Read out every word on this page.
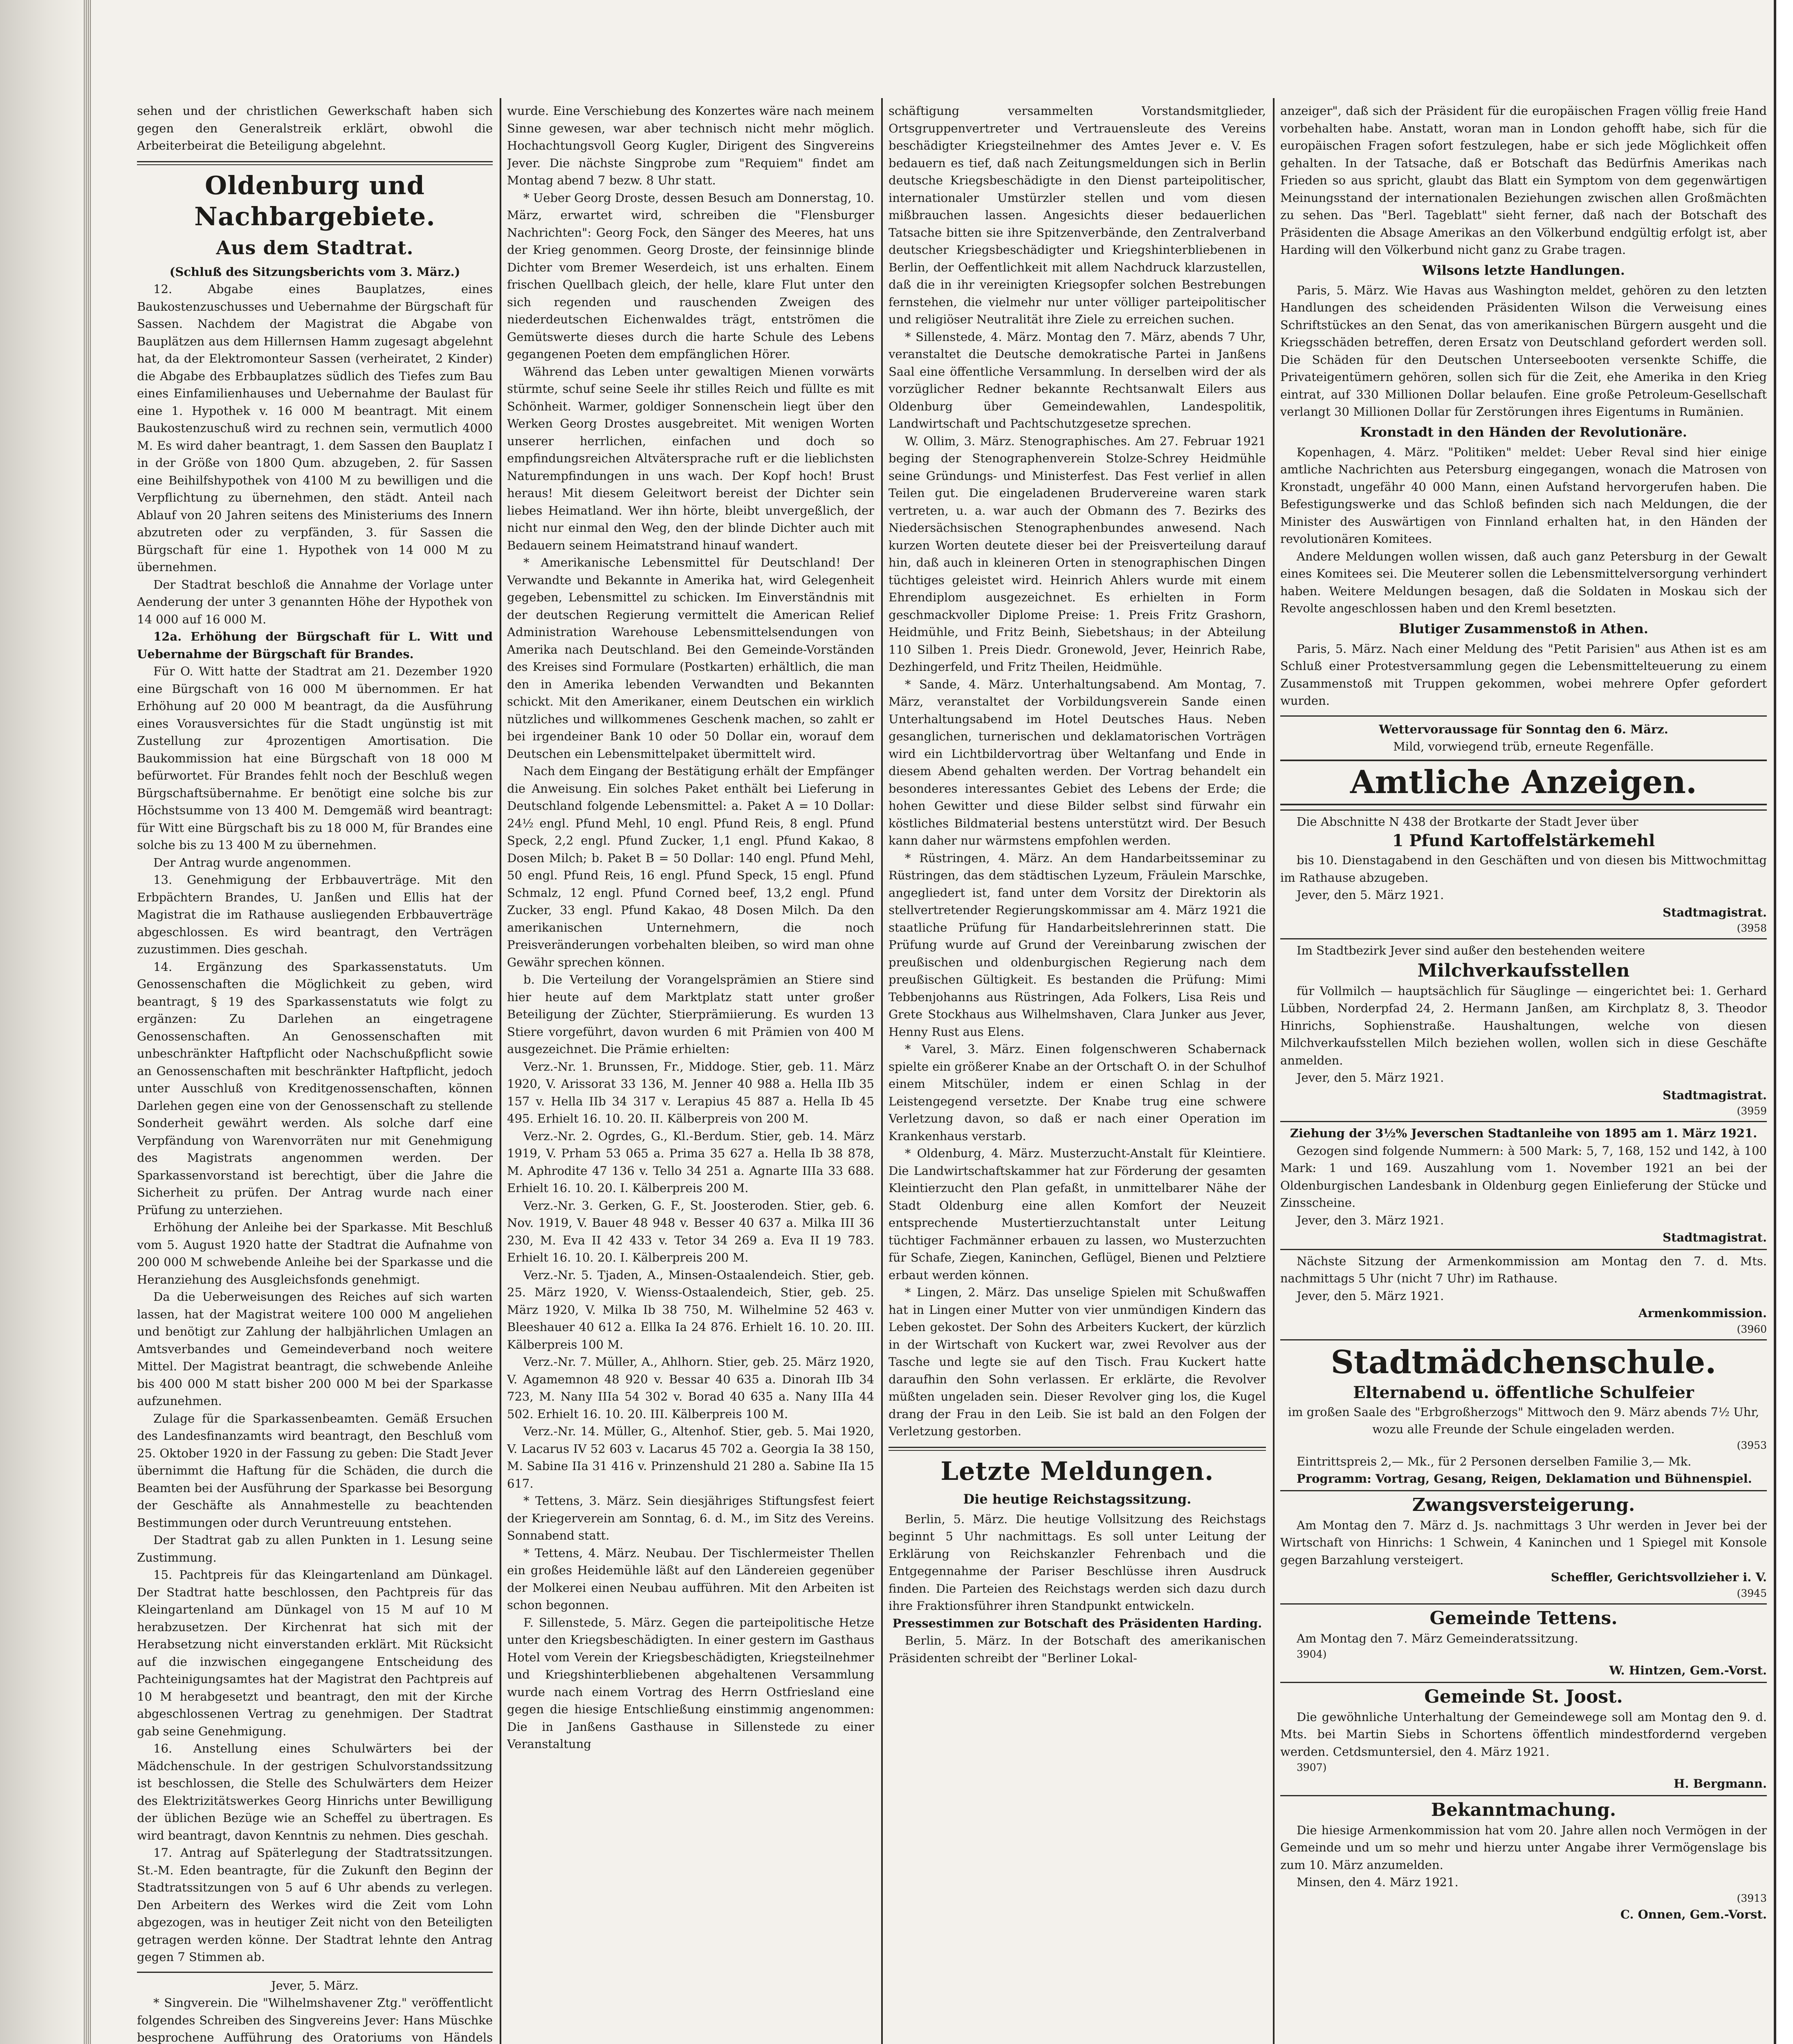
sehen und der christlichen Gewerkschaft haben sich gegen den Generalstreik erklärt, obwohl die Arbeiterbeirat die Beteiligung abgelehnt.

Oldenburg und Nachbargebiete.
Aus dem Stadtrat.

(Schluß des Sitzungsberichts vom 3. März.)

12. Abgabe eines Bauplatzes, eines Baukostenzuschusses und Uebernahme der Bürgschaft für Sassen. Nachdem der Magistrat die Abgabe von Bauplätzen aus dem Hillernsen Hamm zugesagt abgelehnt hat, da der Elektromonteur Sassen (verheiratet, 2 Kinder) die Abgabe des Erbbauplatzes südlich des Tiefes zum Bau eines Einfamilienhauses und Uebernahme der Baulast für eine 1. Hypothek v. 16 000 M beantragt. Mit einem Baukostenzuschuß wird zu rechnen sein, vermutlich 4000 M. Es wird daher beantragt, 1. dem Sassen den Bauplatz I in der Größe von 1800 Qum. abzugeben, 2. für Sassen eine Beihilfshypothek von 4100 M zu bewilligen und die Verpflichtung zu übernehmen, den städt. Anteil nach Ablauf von 20 Jahren seitens des Ministeriums des Innern abzutreten oder zu verpfänden, 3. für Sassen die Bürgschaft für eine 1. Hypothek von 14 000 M zu übernehmen.

Der Stadtrat beschloß die Annahme der Vorlage unter Aenderung der unter 3 genannten Höhe der Hypothek von 14 000 auf 16 000 M.

12a. Erhöhung der Bürgschaft für L. Witt und Uebernahme der Bürgschaft für Brandes.

Für O. Witt hatte der Stadtrat am 21. Dezember 1920 eine Bürgschaft von 16 000 M übernommen. Er hat Erhöhung auf 20 000 M beantragt, da die Ausführung eines Vorausversichtes für die Stadt ungünstig ist mit Zustellung zur 4prozentigen Amortisation. Die Baukommission hat eine Bürgschaft von 18 000 M befürwortet. Für Brandes fehlt noch der Beschluß wegen Bürgschaftsübernahme. Er benötigt eine solche bis zur Höchstsumme von 13 400 M. Demgemäß wird beantragt: für Witt eine Bürgschaft bis zu 18 000 M, für Brandes eine solche bis zu 13 400 M zu übernehmen.

Der Antrag wurde angenommen.

13. Genehmigung der Erbbauverträge. Mit den Erbpächtern Brandes, U. Janßen und Ellis hat der Magistrat die im Rathause ausliegenden Erbbauverträge abgeschlossen. Es wird beantragt, den Verträgen zuzustimmen. Dies geschah.

14. Ergänzung des Sparkassenstatuts. Um Genossenschaften die Möglichkeit zu geben, wird beantragt, § 19 des Sparkassenstatuts wie folgt zu ergänzen: Zu Darlehen an eingetragene Genossenschaften. An Genossenschaften mit unbeschränkter Haftpflicht oder Nachschußpflicht sowie an Genossenschaften mit beschränkter Haftpflicht, jedoch unter Ausschluß von Kreditgenossenschaften, können Darlehen gegen eine von der Genossenschaft zu stellende Sonderheit gewährt werden. Als solche darf eine Verpfändung von Warenvorräten nur mit Genehmigung des Magistrats angenommen werden. Der Sparkassenvorstand ist berechtigt, über die Jahre die Sicherheit zu prüfen. Der Antrag wurde nach einer Prüfung zu unterziehen.

Erhöhung der Anleihe bei der Sparkasse. Mit Beschluß vom 5. August 1920 hatte der Stadtrat die Aufnahme von 200 000 M schwebende Anleihe bei der Sparkasse und die Heranziehung des Ausgleichsfonds genehmigt.

Da die Ueberweisungen des Reiches auf sich warten lassen, hat der Magistrat weitere 100 000 M angeliehen und benötigt zur Zahlung der halbjährlichen Umlagen an Amtsverbandes und Gemeindeverband noch weitere Mittel. Der Magistrat beantragt, die schwebende Anleihe bis 400 000 M statt bisher 200 000 M bei der Sparkasse aufzunehmen.

Zulage für die Sparkassenbeamten. Gemäß Ersuchen des Landesfinanzamts wird beantragt, den Beschluß vom 25. Oktober 1920 in der Fassung zu geben: Die Stadt Jever übernimmt die Haftung für die Schäden, die durch die Beamten bei der Ausführung der Sparkasse bei Besorgung der Geschäfte als Annahmestelle zu beachtenden Bestimmungen oder durch Veruntreuung entstehen.

Der Stadtrat gab zu allen Punkten in 1. Lesung seine Zustimmung.

15. Pachtpreis für das Kleingartenland am Dünkagel. Der Stadtrat hatte beschlossen, den Pachtpreis für das Kleingartenland am Dünkagel von 15 M auf 10 M herabzusetzen. Der Kirchenrat hat sich mit der Herabsetzung nicht einverstanden erklärt. Mit Rücksicht auf die inzwischen eingegangene Entscheidung des Pachteinigungsamtes hat der Magistrat den Pachtpreis auf 10 M herabgesetzt und beantragt, den mit der Kirche abgeschlossenen Vertrag zu genehmigen. Der Stadtrat gab seine Genehmigung.

16. Anstellung eines Schulwärters bei der Mädchenschule. In der gestrigen Schulvorstandssitzung ist beschlossen, die Stelle des Schulwärters dem Heizer des Elektrizitätswerkes Georg Hinrichs unter Bewilligung der üblichen Bezüge wie an Scheffel zu übertragen. Es wird beantragt, davon Kenntnis zu nehmen. Dies geschah.

17. Antrag auf Späterlegung der Stadtratssitzungen. St.-M. Eden beantragte, für die Zukunft den Beginn der Stadtratssitzungen von 5 auf 6 Uhr abends zu verlegen. Den Arbeitern des Werkes wird die Zeit vom Lohn abgezogen, was in heutiger Zeit nicht von den Beteiligten getragen werden könne. Der Stadtrat lehnte den Antrag gegen 7 Stimmen ab.

Jever, 5. März.

* Singverein. Die "Wilhelmshavener Ztg." veröffentlicht folgendes Schreiben des Singvereins Jever: Hans Müschke besprochene Aufführung des Oratoriums von Händels

wurde. Eine Verschiebung des Konzertes wäre nach meinem Sinne gewesen, war aber technisch nicht mehr möglich. Hochachtungsvoll Georg Kugler, Dirigent des Singvereins Jever. Die nächste Singprobe zum "Requiem" findet am Montag abend 7 bezw. 8 Uhr statt.

* Ueber Georg Droste, dessen Besuch am Donnerstag, 10. März, erwartet wird, schreiben die "Flensburger Nachrichten": Georg Fock, den Sänger des Meeres, hat uns der Krieg genommen. Georg Droste, der feinsinnige blinde Dichter vom Bremer Weserdeich, ist uns erhalten. Einem frischen Quellbach gleich, der helle, klare Flut unter den sich regenden und rauschenden Zweigen des niederdeutschen Eichenwaldes trägt, entströmen die Gemütswerte dieses durch die harte Schule des Lebens gegangenen Poeten dem empfänglichen Hörer.

Während das Leben unter gewaltigen Mienen vorwärts stürmte, schuf seine Seele ihr stilles Reich und füllte es mit Schönheit. Warmer, goldiger Sonnenschein liegt über den Werken Georg Drostes ausgebreitet. Mit wenigen Worten unserer herrlichen, einfachen und doch so empfindungsreichen Altvätersprache ruft er die lieblichsten Naturempfindungen in uns wach. Der Kopf hoch! Brust heraus! Mit diesem Geleitwort bereist der Dichter sein liebes Heimatland. Wer ihn hörte, bleibt unvergeßlich, der nicht nur einmal den Weg, den der blinde Dichter auch mit Bedauern seinem Heimatstrand hinauf wandert.

* Amerikanische Lebensmittel für Deutschland! Der Verwandte und Bekannte in Amerika hat, wird Gelegenheit gegeben, Lebensmittel zu schicken. Im Einverständnis mit der deutschen Regierung vermittelt die American Relief Administration Warehouse Lebensmittelsendungen von Amerika nach Deutschland. Bei den Gemeinde-Vorständen des Kreises sind Formulare (Postkarten) erhältlich, die man den in Amerika lebenden Verwandten und Bekannten schickt. Mit den Amerikaner, einem Deutschen ein wirklich nützliches und willkommenes Geschenk machen, so zahlt er bei irgendeiner Bank 10 oder 50 Dollar ein, worauf dem Deutschen ein Lebensmittelpaket übermittelt wird.

Nach dem Eingang der Bestätigung erhält der Empfänger die Anweisung. Ein solches Paket enthält bei Lieferung in Deutschland folgende Lebensmittel: a. Paket A = 10 Dollar: 24½ engl. Pfund Mehl, 10 engl. Pfund Reis, 8 engl. Pfund Speck, 2,2 engl. Pfund Zucker, 1,1 engl. Pfund Kakao, 8 Dosen Milch; b. Paket B = 50 Dollar: 140 engl. Pfund Mehl, 50 engl. Pfund Reis, 16 engl. Pfund Speck, 15 engl. Pfund Schmalz, 12 engl. Pfund Corned beef, 13,2 engl. Pfund Zucker, 33 engl. Pfund Kakao, 48 Dosen Milch. Da den amerikanischen Unternehmern, die noch Preisveränderungen vorbehalten bleiben, so wird man ohne Gewähr sprechen können.

b. Die Verteilung der Vorangelsprämien an Stiere sind hier heute auf dem Marktplatz statt unter großer Beteiligung der Züchter, Stierprämiierung. Es wurden 13 Stiere vorgeführt, davon wurden 6 mit Prämien von 400 M ausgezeichnet. Die Prämie erhielten:

Verz.-Nr. 1. Brunssen, Fr., Middoge. Stier, geb. 11. März 1920, V. Arissorat 33 136, M. Jenner 40 988 a. Hella IIb 35 157 v. Hella IIb 34 317 v. Lerapius 45 887 a. Hella Ib 45 495. Erhielt 16. 10. 20. II. Kälberpreis von 200 M.

Verz.-Nr. 2. Ogrdes, G., Kl.-Berdum. Stier, geb. 14. März 1919, V. Prham 53 065 a. Prima 35 627 a. Hella Ib 38 878, M. Aphrodite 47 136 v. Tello 34 251 a. Agnarte IIIa 33 688. Erhielt 16. 10. 20. I. Kälberpreis 200 M.

Verz.-Nr. 3. Gerken, G. F., St. Joosteroden. Stier, geb. 6. Nov. 1919, V. Bauer 48 948 v. Besser 40 637 a. Milka III 36 230, M. Eva II 42 433 v. Tetor 34 269 a. Eva II 19 783. Erhielt 16. 10. 20. I. Kälberpreis 200 M.

Verz.-Nr. 5. Tjaden, A., Minsen-Ostaalendeich. Stier, geb. 25. März 1920, V. Wienss-Ostaalendeich, Stier, geb. 25. März 1920, V. Milka Ib 38 750, M. Wilhelmine 52 463 v. Bleeshauer 40 612 a. Ellka Ia 24 876. Erhielt 16. 10. 20. III. Kälberpreis 100 M.

Verz.-Nr. 7. Müller, A., Ahlhorn. Stier, geb. 25. März 1920, V. Agamemnon 48 920 v. Bessar 40 635 a. Dinorah IIb 34 723, M. Nany IIIa 54 302 v. Borad 40 635 a. Nany IIIa 44 502. Erhielt 16. 10. 20. III. Kälberpreis 100 M.

Verz.-Nr. 14. Müller, G., Altenhof. Stier, geb. 5. Mai 1920, V. Lacarus IV 52 603 v. Lacarus 45 702 a. Georgia Ia 38 150, M. Sabine IIa 31 416 v. Prinzenshuld 21 280 a. Sabine IIa 15 617.

* Tettens, 3. März. Sein diesjähriges Stiftungsfest feiert der Kriegerverein am Sonntag, 6. d. M., im Sitz des Vereins. Sonnabend statt.

* Tettens, 4. März. Neubau. Der Tischlermeister Thellen ein großes Heidemühle läßt auf den Ländereien gegenüber der Molkerei einen Neubau aufführen. Mit den Arbeiten ist schon begonnen.

F. Sillenstede, 5. März. Gegen die parteipolitische Hetze unter den Kriegsbeschädigten. In einer gestern im Gasthaus Hotel vom Verein der Kriegsbeschädigten, Kriegsteilnehmer und Kriegshinterbliebenen abgehaltenen Versammlung wurde nach einem Vortrag des Herrn Ostfriesland eine gegen die hiesige Entschließung einstimmig angenommen: Die in Janßens Gasthause in Sillenstede zu einer Veranstaltung

schäftigung versammelten Vorstandsmitglieder, Ortsgruppenvertreter und Vertrauensleute des Vereins beschädigter Kriegsteilnehmer des Amtes Jever e. V. Es bedauern es tief, daß nach Zeitungsmeldungen sich in Berlin deutsche Kriegsbeschädigte in den Dienst parteipolitischer, internationaler Umstürzler stellen und vom diesen mißbrauchen lassen. Angesichts dieser bedauerlichen Tatsache bitten sie ihre Spitzenverbände, den Zentralverband deutscher Kriegsbeschädigter und Kriegshinterbliebenen in Berlin, der Oeffentlichkeit mit allem Nachdruck klarzustellen, daß die in ihr vereinigten Kriegsopfer solchen Bestrebungen fernstehen, die vielmehr nur unter völliger parteipolitischer und religiöser Neutralität ihre Ziele zu erreichen suchen.

* Sillenstede, 4. März. Montag den 7. März, abends 7 Uhr, veranstaltet die Deutsche demokratische Partei in Janßens Saal eine öffentliche Versammlung. In derselben wird der als vorzüglicher Redner bekannte Rechtsanwalt Eilers aus Oldenburg über Gemeindewahlen, Landespolitik, Landwirtschaft und Pachtschutzgesetze sprechen.

W. Ollim, 3. März. Stenographisches. Am 27. Februar 1921 beging der Stenographenverein Stolze-Schrey Heidmühle seine Gründungs- und Ministerfest. Das Fest verlief in allen Teilen gut. Die eingeladenen Brudervereine waren stark vertreten, u. a. war auch der Obmann des 7. Bezirks des Niedersächsischen Stenographenbundes anwesend. Nach kurzen Worten deutete dieser bei der Preisverteilung darauf hin, daß auch in kleineren Orten in stenographischen Dingen tüchtiges geleistet wird. Heinrich Ahlers wurde mit einem Ehrendiplom ausgezeichnet. Es erhielten in Form geschmackvoller Diplome Preise: 1. Preis Fritz Grashorn, Heidmühle, und Fritz Beinh, Siebetshaus; in der Abteilung 110 Silben 1. Preis Diedr. Gronewold, Jever, Heinrich Rabe, Dezhingerfeld, und Fritz Theilen, Heidmühle.

* Sande, 4. März. Unterhaltungsabend. Am Montag, 7. März, veranstaltet der Vorbildungsverein Sande einen Unterhaltungsabend im Hotel Deutsches Haus. Neben gesanglichen, turnerischen und deklamatorischen Vorträgen wird ein Lichtbildervortrag über Weltanfang und Ende in diesem Abend gehalten werden. Der Vortrag behandelt ein besonderes interessantes Gebiet des Lebens der Erde; die hohen Gewitter und diese Bilder selbst sind fürwahr ein köstliches Bildmaterial bestens unterstützt wird. Der Besuch kann daher nur wärmstens empfohlen werden.

* Rüstringen, 4. März. An dem Handarbeitsseminar zu Rüstringen, das dem städtischen Lyzeum, Fräulein Marschke, angegliedert ist, fand unter dem Vorsitz der Direktorin als stellvertretender Regierungskommissar am 4. März 1921 die staatliche Prüfung für Handarbeitslehrerinnen statt. Die Prüfung wurde auf Grund der Vereinbarung zwischen der preußischen und oldenburgischen Regierung nach dem preußischen Gültigkeit. Es bestanden die Prüfung: Mimi Tebbenjohanns aus Rüstringen, Ada Folkers, Lisa Reis und Grete Stockhaus aus Wilhelmshaven, Clara Junker aus Jever, Henny Rust aus Elens.

* Varel, 3. März. Einen folgenschweren Schabernack spielte ein größerer Knabe an der Ortschaft O. in der Schulhof einem Mitschüler, indem er einen Schlag in der Leistengegend versetzte. Der Knabe trug eine schwere Verletzung davon, so daß er nach einer Operation im Krankenhaus verstarb.

* Oldenburg, 4. März. Musterzucht-Anstalt für Kleintiere. Die Landwirtschaftskammer hat zur Förderung der gesamten Kleintierzucht den Plan gefaßt, in unmittelbarer Nähe der Stadt Oldenburg eine allen Komfort der Neuzeit entsprechende Mustertierzuchtanstalt unter Leitung tüchtiger Fachmänner erbauen zu lassen, wo Musterzuchten für Schafe, Ziegen, Kaninchen, Geflügel, Bienen und Pelztiere erbaut werden können.

* Lingen, 2. März. Das unselige Spielen mit Schußwaffen hat in Lingen einer Mutter von vier unmündigen Kindern das Leben gekostet. Der Sohn des Arbeiters Kuckert, der kürzlich in der Wirtschaft von Kuckert war, zwei Revolver aus der Tasche und legte sie auf den Tisch. Frau Kuckert hatte daraufhin den Sohn verlassen. Er erklärte, die Revolver müßten ungeladen sein. Dieser Revolver ging los, die Kugel drang der Frau in den Leib. Sie ist bald an den Folgen der Verletzung gestorben.

Letzte Meldungen.
Die heutige Reichstagssitzung.

Berlin, 5. März. Die heutige Vollsitzung des Reichstags beginnt 5 Uhr nachmittags. Es soll unter Leitung der Erklärung von Reichskanzler Fehrenbach und die Entgegennahme der Pariser Beschlüsse ihren Ausdruck finden. Die Parteien des Reichstags werden sich dazu durch ihre Fraktionsführer ihren Standpunkt entwickeln.

Pressestimmen zur Botschaft des Präsidenten Harding.

Berlin, 5. März. In der Botschaft des amerikanischen Präsidenten schreibt der "Berliner Lokal-

anzeiger", daß sich der Präsident für die europäischen Fragen völlig freie Hand vorbehalten habe. Anstatt, woran man in London gehofft habe, sich für die europäischen Fragen sofort festzulegen, habe er sich jede Möglichkeit offen gehalten. In der Tatsache, daß er Botschaft das Bedürfnis Amerikas nach Frieden so aus spricht, glaubt das Blatt ein Symptom von dem gegenwärtigen Meinungsstand der internationalen Beziehungen zwischen allen Großmächten zu sehen. Das "Berl. Tageblatt" sieht ferner, daß nach der Botschaft des Präsidenten die Absage Amerikas an den Völkerbund endgültig erfolgt ist, aber Harding will den Völkerbund nicht ganz zu Grabe tragen.

Wilsons letzte Handlungen.

Paris, 5. März. Wie Havas aus Washington meldet, gehören zu den letzten Handlungen des scheidenden Präsidenten Wilson die Verweisung eines Schriftstückes an den Senat, das von amerikanischen Bürgern ausgeht und die Kriegsschäden betreffen, deren Ersatz von Deutschland gefordert werden soll. Die Schäden für den Deutschen Unterseebooten versenkte Schiffe, die Privateigentümern gehören, sollen sich für die Zeit, ehe Amerika in den Krieg eintrat, auf 330 Millionen Dollar belaufen. Eine große Petroleum-Gesellschaft verlangt 30 Millionen Dollar für Zerstörungen ihres Eigentums in Rumänien.

Kronstadt in den Händen der Revolutionäre.

Kopenhagen, 4. März. "Politiken" meldet: Ueber Reval sind hier einige amtliche Nachrichten aus Petersburg eingegangen, wonach die Matrosen von Kronstadt, ungefähr 40 000 Mann, einen Aufstand hervorgerufen haben. Die Befestigungswerke und das Schloß befinden sich nach Meldungen, die der Minister des Auswärtigen von Finnland erhalten hat, in den Händen der revolutionären Komitees.

Andere Meldungen wollen wissen, daß auch ganz Petersburg in der Gewalt eines Komitees sei. Die Meuterer sollen die Lebensmittelversorgung verhindert haben. Weitere Meldungen besagen, daß die Soldaten in Moskau sich der Revolte angeschlossen haben und den Kreml besetzten.

Blutiger Zusammenstoß in Athen.

Paris, 5. März. Nach einer Meldung des "Petit Parisien" aus Athen ist es am Schluß einer Protestversammlung gegen die Lebensmittelteuerung zu einem Zusammenstoß mit Truppen gekommen, wobei mehrere Opfer gefordert wurden.

Wettervoraussage für Sonntag den 6. März.

Mild, vorwiegend trüb, erneute Regenfälle.

Amtliche Anzeigen.

Die Abschnitte N 438 der Brotkarte der Stadt Jever über

1 Pfund Kartoffelstärkemehl

bis 10. Dienstagabend in den Geschäften und von diesen bis Mittwochmittag im Rathause abzugeben.

Jever, den 5. März 1921.

Stadtmagistrat.

(3958

Im Stadtbezirk Jever sind außer den bestehenden weitere

Milchverkaufsstellen

für Vollmilch — hauptsächlich für Säuglinge — eingerichtet bei: 1. Gerhard Lübben, Norderpfad 24, 2. Hermann Janßen, am Kirchplatz 8, 3. Theodor Hinrichs, Sophienstraße. Haushaltungen, welche von diesen Milchverkaufsstellen Milch beziehen wollen, wollen sich in diese Geschäfte anmelden.

Jever, den 5. März 1921.

Stadtmagistrat.

(3959

Ziehung der 3½% Jeverschen Stadtanleihe von 1895 am 1. März 1921.

Gezogen sind folgende Nummern: à 500 Mark: 5, 7, 168, 152 und 142, à 100 Mark: 1 und 169. Auszahlung vom 1. November 1921 an bei der Oldenburgischen Landesbank in Oldenburg gegen Einlieferung der Stücke und Zinsscheine.

Jever, den 3. März 1921.

Stadtmagistrat.

Nächste Sitzung der Armenkommission am Montag den 7. d. Mts. nachmittags 5 Uhr (nicht 7 Uhr) im Rathause.

Jever, den 5. März 1921.

Armenkommission.

(3960

Stadtmädchenschule.
Elternabend u. öffentliche Schulfeier

im großen Saale des "Erbgroßherzogs" Mittwoch den 9. März abends 7½ Uhr, wozu alle Freunde der Schule eingeladen werden.

(3953

Eintrittspreis 2,— Mk., für 2 Personen derselben Familie 3,— Mk.

Programm: Vortrag, Gesang, Reigen, Deklamation und Bühnenspiel.

Zwangsversteigerung.

Am Montag den 7. März d. Js. nachmittags 3 Uhr werden in Jever bei der Wirtschaft von Hinrichs: 1 Schwein, 4 Kaninchen und 1 Spiegel mit Konsole gegen Barzahlung versteigert.

Scheffler, Gerichtsvollzieher i. V.

(3945

Gemeinde Tettens.

Am Montag den 7. März Gemeinderatssitzung.

3904)

W. Hintzen, Gem.-Vorst.

Gemeinde St. Joost.

Die gewöhnliche Unterhaltung der Gemeindewege soll am Montag den 9. d. Mts. bei Martin Siebs in Schortens öffentlich mindestfordernd vergeben werden. Cetdsmuntersiel, den 4. März 1921.

3907)

H. Bergmann.

Bekanntmachung.

Die hiesige Armenkommission hat vom 20. Jahre allen noch Vermögen in der Gemeinde und um so mehr und hierzu unter Angabe ihrer Vermögenslage bis zum 10. März anzumelden.

Minsen, den 4. März 1921.

(3913

C. Onnen, Gem.-Vorst.
